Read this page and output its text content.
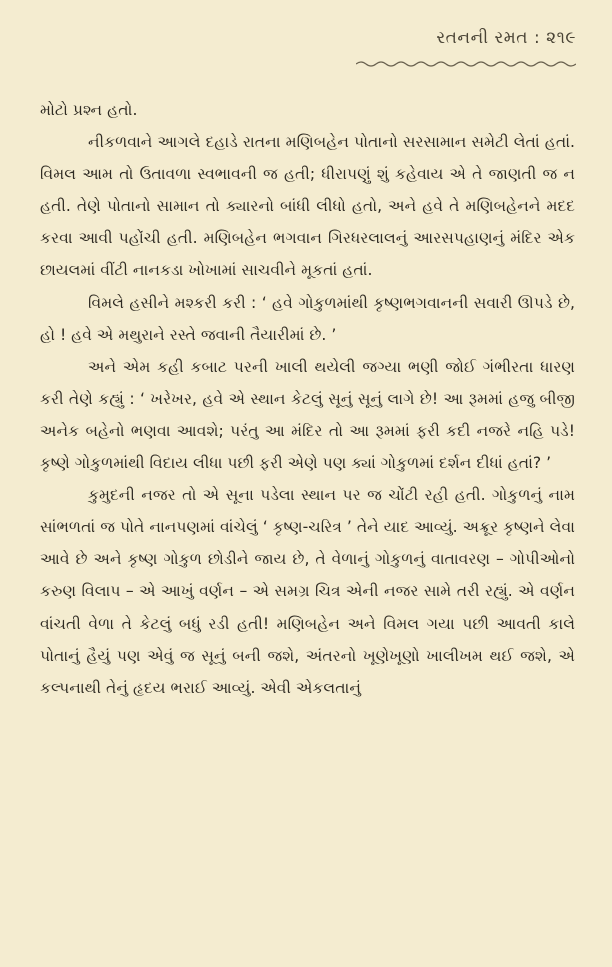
રતનની રમત : ૨૧૯

મોટો પ્રશ્ન હતો.

નીકળવાને આગલે દહાડે રાતના મણિબહેન પોતાનો સરસામાન સમેટી લેતાં હતાં. વિમલ આમ તો ઉતાવળા સ્વભાવની જ હતી; ધીરાપણું શું કહેવાય એ તે જાણતી જ ન હતી. તેણે પોતાનો સામાન તો ક્યારનો બાંધી લીધો હતો, અને હવે તે મણિબહેનને મદદ કરવા આવી પહોંચી હતી. મણિબહેન ભગવાન ગિરધરલાલનું આરસપહાણનું મંદિર એક છાયલમાં વીંટી નાનકડા ખોખામાં સાચવીને મૂકતાં હતાં.

વિમલે હસીને મશ્કરી કરી : ‘ હવે ગોકુળમાંથી કૃષ્ણભગવાનની સવારી ઊપડે છે, હો ! હવે એ મથુરાને રસ્તે જવાની તૈયારીમાં છે. ’

અને એમ કહી કબાટ પરની ખાલી થયેલી જગ્યા ભણી જોઈ ગંભીરતા ધારણ કરી તેણે કહ્યું : ‘ ખરેખર, હવે એ સ્થાન કેટલું સૂનું સૂનું લાગે છે! આ રૂમમાં હજુ બીજી અનેક બહેનો ભણવા આવશે; પરંતુ આ મંદિર તો આ રૂમમાં ફરી કદી નજરે નહિ પડે! કૃષ્ણે ગોકુળમાંથી વિદાય લીધા પછી ફરી એણે પણ ક્યાં ગોકુળમાં દર્શન દીધાં હતાં? ’

કુમુદની નજર તો એ સૂના પડેલા સ્થાન પર જ ચોંટી રહી હતી. ગોકુળનું નામ સાંભળતાં જ પોતે નાનપણમાં વાંચેલું ‘ કૃષ્ણ-ચરિત્ર ’ તેને યાદ આવ્યું. અક્રૂર કૃષ્ણને લેવા આવે છે અને કૃષ્ણ ગોકુળ છોડીને જાય છે, તે વેળાનું ગોકુળનું વાતાવરણ – ગોપીઓનો કરુણ વિલાપ – એ આખું વર્ણન – એ સમગ્ર ચિત્ર એની નજર સામે તરી રહ્યું. એ વર્ણન વાંચતી વેળા તે કેટલું બધું રડી હતી! મણિબહેન અને વિમલ ગયા પછી આવતી કાલે પોતાનું હૈયું પણ એવું જ સૂનું બની જશે, અંતરનો ખૂણેખૂણો ખાલીખમ થઈ જશે, એ કલ્પનાથી તેનું હૃદય ભરાઈ આવ્યું. એવી એકલતાનું
